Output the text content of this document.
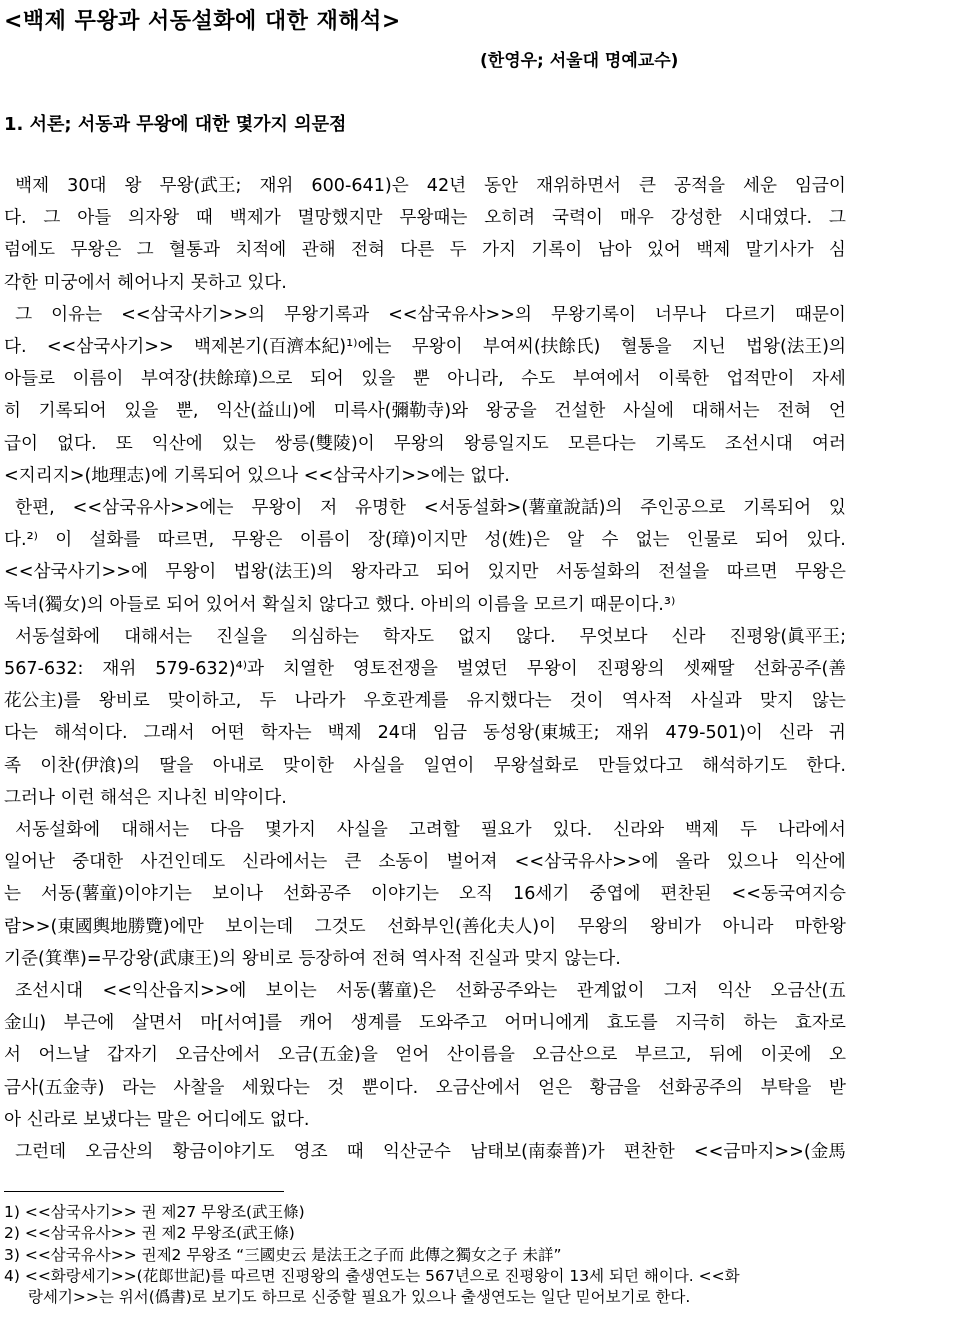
<백제 무왕과 서동설화에 대한 재해석>
(한영우; 서울대 명예교수)
1. 서론; 서동과 무왕에 대한 몇가지 의문점
백제 30대 왕 무왕(武王; 재위 600-641)은 42년 동안 재위하면서 큰 공적을 세운 임금이
다. 그 아들 의자왕 때 백제가 멸망했지만 무왕때는 오히려 국력이 매우 강성한 시대였다. 그
럼에도 무왕은 그 혈통과 치적에 관해 전혀 다른 두 가지 기록이 남아 있어 백제 말기사가 심
각한 미궁에서 헤어나지 못하고 있다.
그 이유는 <<삼국사기>>의 무왕기록과 <<삼국유사>>의 무왕기록이 너무나 다르기 때문이
다. <<삼국사기>> 백제본기(百濟本紀)¹⁾에는 무왕이 부여씨(扶餘氏) 혈통을 지닌 법왕(法王)의
아들로 이름이 부여장(扶餘璋)으로 되어 있을 뿐 아니라, 수도 부여에서 이룩한 업적만이 자세
히 기록되어 있을 뿐, 익산(益山)에 미륵사(彌勒寺)와 왕궁을 건설한 사실에 대해서는 전혀 언
급이 없다. 또 익산에 있는 쌍릉(雙陵)이 무왕의 왕릉일지도 모른다는 기록도 조선시대 여러
<지리지>(地理志)에 기록되어 있으나 <<삼국사기>>에는 없다.
한편, <<삼국유사>>에는 무왕이 저 유명한 <서동설화>(薯童說話)의 주인공으로 기록되어 있
다.²⁾ 이 설화를 따르면, 무왕은 이름이 장(璋)이지만 성(姓)은 알 수 없는 인물로 되어 있다.
<<삼국사기>>에 무왕이 법왕(法王)의 왕자라고 되어 있지만 서동설화의 전설을 따르면 무왕은
독녀(獨女)의 아들로 되어 있어서 확실치 않다고 했다. 아비의 이름을 모르기 때문이다.³⁾
서동설화에 대해서는 진실을 의심하는 학자도 없지 않다. 무엇보다 신라 진평왕(眞平王;
567-632: 재위 579-632)⁴⁾과 치열한 영토전쟁을 벌였던 무왕이 진평왕의 셋째딸 선화공주(善
花公主)를 왕비로 맞이하고, 두 나라가 우호관계를 유지했다는 것이 역사적 사실과 맞지 않는
다는 해석이다. 그래서 어떤 학자는 백제 24대 임금 동성왕(東城王; 재위 479-501)이 신라 귀
족 이찬(伊湌)의 딸을 아내로 맞이한 사실을 일연이 무왕설화로 만들었다고 해석하기도 한다.
그러나 이런 해석은 지나친 비약이다.
서동설화에 대해서는 다음 몇가지 사실을 고려할 필요가 있다. 신라와 백제 두 나라에서
일어난 중대한 사건인데도 신라에서는 큰 소동이 벌어져 <<삼국유사>>에 올라 있으나 익산에
는 서동(薯童)이야기는 보이나 선화공주 이야기는 오직 16세기 중엽에 편찬된 <<동국여지승
람>>(東國輿地勝覽)에만 보이는데 그것도 선화부인(善化夫人)이 무왕의 왕비가 아니라 마한왕
기준(箕準)=무강왕(武康王)의 왕비로 등장하여 전혀 역사적 진실과 맞지 않는다.
조선시대 <<익산읍지>>에 보이는 서동(薯童)은 선화공주와는 관계없이 그저 익산 오금산(五
金山) 부근에 살면서 마[서여]를 캐어 생계를 도와주고 어머니에게 효도를 지극히 하는 효자로
서 어느날 갑자기 오금산에서 오금(五金)을 얻어 산이름을 오금산으로 부르고, 뒤에 이곳에 오
금사(五金寺) 라는 사찰을 세웠다는 것 뿐이다. 오금산에서 얻은 황금을 선화공주의 부탁을 받
아 신라로 보냈다는 말은 어디에도 없다.
그런데 오금산의 황금이야기도 영조 때 익산군수 남태보(南泰普)가 편찬한 <<금마지>>(金馬
1) <<삼국사기>> 권 제27 무왕조(武王條)
2) <<삼국유사>> 권 제2 무왕조(武王條)
3) <<삼국유사>> 권제2 무왕조 “三國史云 是法王之子而 此傳之獨女之子 未詳”
4) <<화랑세기>>(花郞世記)를 따르면 진평왕의 출생연도는 567년으로 진평왕이 13세 되던 해이다. <<화
랑세기>>는 위서(僞書)로 보기도 하므로 신중할 필요가 있으나 출생연도는 일단 믿어보기로 한다.
